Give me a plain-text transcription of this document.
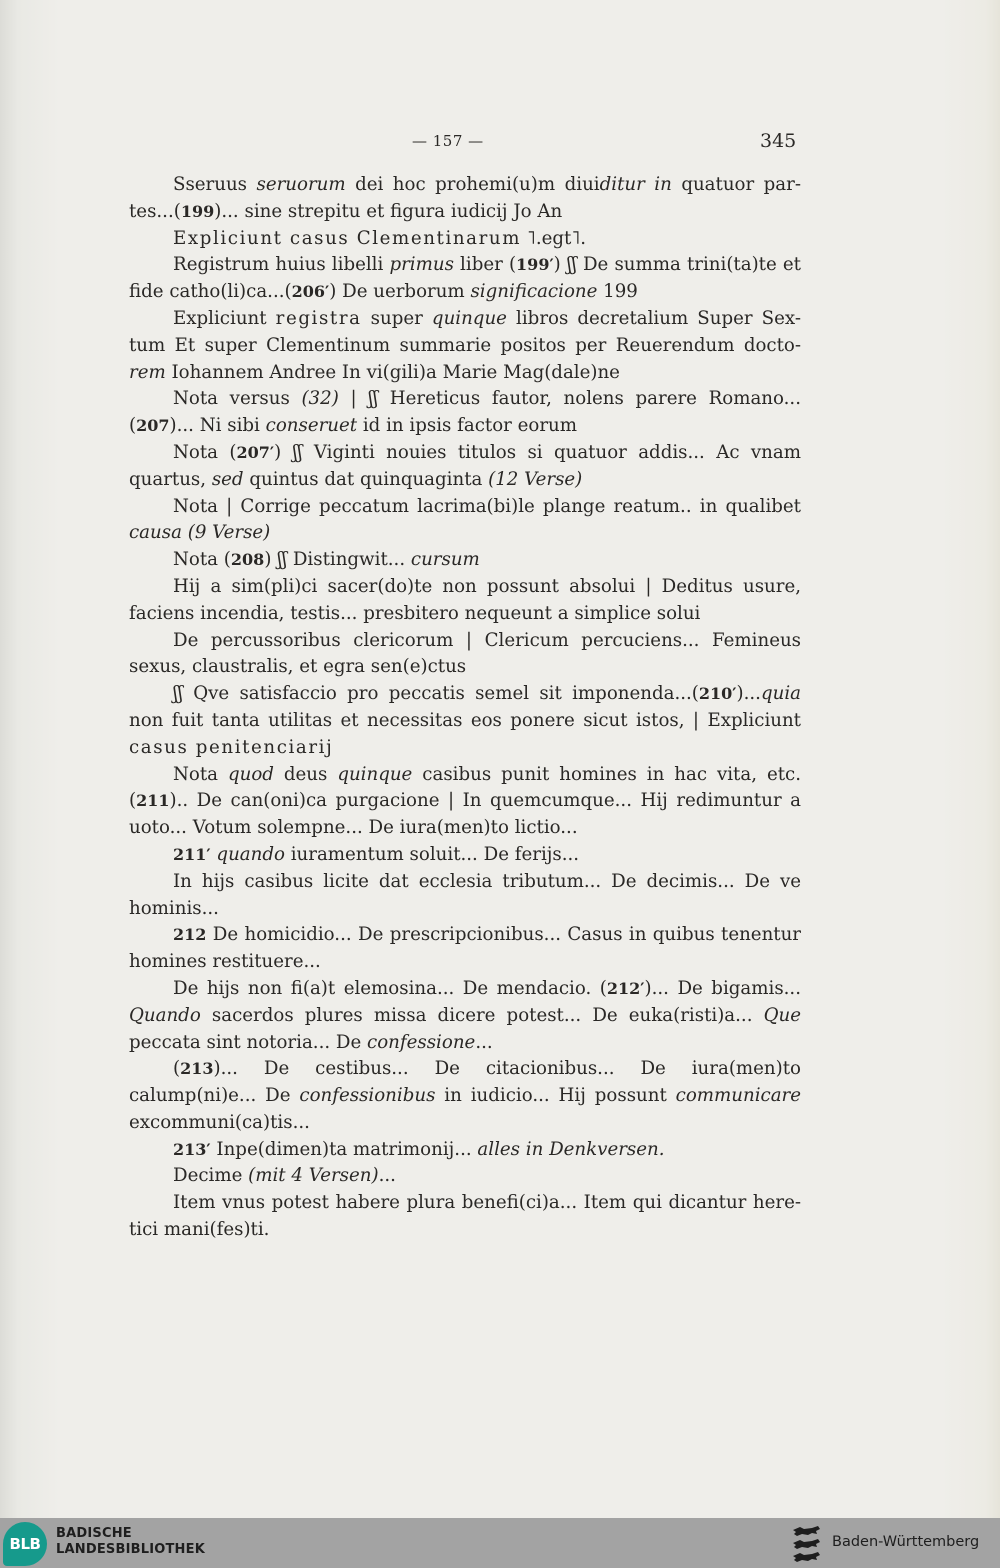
— 157 —	345

Sseruus seruorum dei hoc prohemi(u)m diuiditur in quatuor par-tes...(199)... sine strepitu et figura iudicij Jo An

Expliciunt casus Clementinarum ˥.egt˥.

Registrum huius libelli primus liber (199′) ʃʃ De summa trini(ta)te et fide catho(li)ca...(206′) De uerborum significacione 199

Expliciunt registra super quinque libros decretalium Super Sex-tum Et super Clementinum summarie positos per Reuerendum docto-rem Iohannem Andree In vi(gili)a Marie Mag(dale)ne

Nota versus (32) | ʃʃ Hereticus fautor, nolens parere Romano... (207)... Ni sibi conseruet id in ipsis factor eorum

Nota (207′) ʃʃ Viginti nouies titulos si quatuor addis... Ac vnam quartus, sed quintus dat quinquaginta (12 Verse)

Nota | Corrige peccatum lacrima(bi)le plange reatum.. in qualibet causa (9 Verse)

Nota (208) ʃʃ Distingwit... cursum

Hij a sim(pli)ci sacer(do)te non possunt absolui | Deditus usure, faciens incendia, testis... presbitero nequeunt a simplice solui

De percussoribus clericorum | Clericum percuciens... Femineus sexus, claustralis, et egra sen(e)ctus

ʃʃ Qve satisfaccio pro peccatis semel sit imponenda...(210′)...quia non fuit tanta utilitas et necessitas eos ponere sicut istos, | Expliciunt casus penitenciarij

Nota quod deus quinque casibus punit homines in hac vita, etc. (211).. De can(oni)ca purgacione | In quemcumque... Hij redimuntur a uoto... Votum solempne... De iura(men)to lictio...

211′ quando iuramentum soluit... De ferijs...

In hijs casibus licite dat ecclesia tributum... De decimis... De ve hominis...

212 De homicidio... De prescripcionibus... Casus in quibus tenentur homines restituere...

De hijs non fi(a)t elemosina... De mendacio. (212′)... De bigamis... Quando sacerdos plures missa dicere potest... De euka(risti)a... Que peccata sint notoria... De confessione...

(213)... De cestibus... De citacionibus... De iura(men)to calump(ni)e... De confessionibus in iudicio... Hij possunt communicare excommuni(ca)tis...

213′ Inpe(dimen)ta matrimonij... alles in Denkversen.

Decime (mit 4 Versen)...

Item vnus potest habere plura benefi(ci)a... Item qui dicantur here-tici mani(fes)ti.

BLB
BADISCHE
LANDESBIBLIOTHEK	Baden-Württemberg
